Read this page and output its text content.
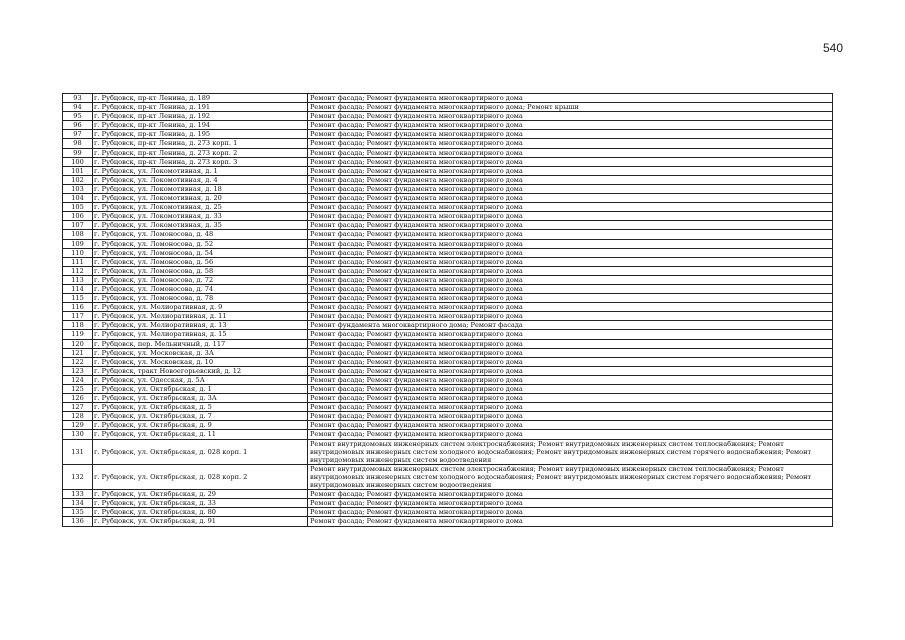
540
93	г. Рубцовск, пр-кт Ленина, д. 189	Ремонт фасада; Ремонт фундамента многоквартирного дома
94	г. Рубцовск, пр-кт Ленина, д. 191	Ремонт фасада; Ремонт фундамента многоквартирного дома; Ремонт крыши
95	г. Рубцовск, пр-кт Ленина, д. 192	Ремонт фасада; Ремонт фундамента многоквартирного дома
96	г. Рубцовск, пр-кт Ленина, д. 194	Ремонт фасада; Ремонт фундамента многоквартирного дома
97	г. Рубцовск, пр-кт Ленина, д. 195	Ремонт фасада; Ремонт фундамента многоквартирного дома
98	г. Рубцовск, пр-кт Ленина, д. 273 корп. 1	Ремонт фасада; Ремонт фундамента многоквартирного дома
99	г. Рубцовск, пр-кт Ленина, д. 273 корп. 2	Ремонт фасада; Ремонт фундамента многоквартирного дома
100	г. Рубцовск, пр-кт Ленина, д. 273 корп. 3	Ремонт фасада; Ремонт фундамента многоквартирного дома
101	г. Рубцовск, ул. Локомотивная, д. 1	Ремонт фасада; Ремонт фундамента многоквартирного дома
102	г. Рубцовск, ул. Локомотивная, д. 4	Ремонт фасада; Ремонт фундамента многоквартирного дома
103	г. Рубцовск, ул. Локомотивная, д. 18	Ремонт фасада; Ремонт фундамента многоквартирного дома
104	г. Рубцовск, ул. Локомотивная, д. 20	Ремонт фасада; Ремонт фундамента многоквартирного дома
105	г. Рубцовск, ул. Локомотивная, д. 25	Ремонт фасада; Ремонт фундамента многоквартирного дома
106	г. Рубцовск, ул. Локомотивная, д. 33	Ремонт фасада; Ремонт фундамента многоквартирного дома
107	г. Рубцовск, ул. Локомотивная, д. 35	Ремонт фасада; Ремонт фундамента многоквартирного дома
108	г. Рубцовск, ул. Ломоносова, д. 48	Ремонт фасада; Ремонт фундамента многоквартирного дома
109	г. Рубцовск, ул. Ломоносова, д. 52	Ремонт фасада; Ремонт фундамента многоквартирного дома
110	г. Рубцовск, ул. Ломоносова, д. 54	Ремонт фасада; Ремонт фундамента многоквартирного дома
111	г. Рубцовск, ул. Ломоносова, д. 56	Ремонт фасада; Ремонт фундамента многоквартирного дома
112	г. Рубцовск, ул. Ломоносова, д. 58	Ремонт фасада; Ремонт фундамента многоквартирного дома
113	г. Рубцовск, ул. Ломоносова, д. 72	Ремонт фасада; Ремонт фундамента многоквартирного дома
114	г. Рубцовск, ул. Ломоносова, д. 74	Ремонт фасада; Ремонт фундамента многоквартирного дома
115	г. Рубцовск, ул. Ломоносова, д. 78	Ремонт фасада; Ремонт фундамента многоквартирного дома
116	г. Рубцовск, ул. Мелиоративная, д. 9	Ремонт фасада; Ремонт фундамента многоквартирного дома
117	г. Рубцовск, ул. Мелиоративная, д. 11	Ремонт фасада; Ремонт фундамента многоквартирного дома
118	г. Рубцовск, ул. Мелиоративная, д. 13	Ремонт фундамента многоквартирного дома; Ремонт фасада
119	г. Рубцовск, ул. Мелиоративная, д. 15	Ремонт фасада; Ремонт фундамента многоквартирного дома
120	г. Рубцовск, пер. Мельничный, д. 117	Ремонт фасада; Ремонт фундамента многоквартирного дома
121	г. Рубцовск, ул. Московская, д. 3А	Ремонт фасада; Ремонт фундамента многоквартирного дома
122	г. Рубцовск, ул. Московская, д. 10	Ремонт фасада; Ремонт фундамента многоквартирного дома
123	г. Рубцовск, тракт Новоегорьевский, д. 12	Ремонт фасада; Ремонт фундамента многоквартирного дома
124	г. Рубцовск, ул. Одесская, д. 5А	Ремонт фасада; Ремонт фундамента многоквартирного дома
125	г. Рубцовск, ул. Октябрьская, д. 1	Ремонт фасада; Ремонт фундамента многоквартирного дома
126	г. Рубцовск, ул. Октябрьская, д. 3А	Ремонт фасада; Ремонт фундамента многоквартирного дома
127	г. Рубцовск, ул. Октябрьская, д. 5	Ремонт фасада; Ремонт фундамента многоквартирного дома
128	г. Рубцовск, ул. Октябрьская, д. 7	Ремонт фасада; Ремонт фундамента многоквартирного дома
129	г. Рубцовск, ул. Октябрьская, д. 9	Ремонт фасада; Ремонт фундамента многоквартирного дома
130	г. Рубцовск, ул. Октябрьская, д. 11	Ремонт фасада; Ремонт фундамента многоквартирного дома
131	г. Рубцовск, ул. Октябрьская, д. 028 корп. 1	Ремонт внутридомовых инженерных систем электроснабжения; Ремонт внутридомовых инженерных систем теплоснабжения; Ремонт внутридомовых инженерных систем холодного водоснабжения; Ремонт внутридомовых инженерных систем горячего водоснабжения; Ремонт внутридомовых инженерных систем водоотведения
132	г. Рубцовск, ул. Октябрьская, д. 028 корп. 2	Ремонт внутридомовых инженерных систем электроснабжения; Ремонт внутридомовых инженерных систем теплоснабжения; Ремонт внутридомовых инженерных систем холодного водоснабжения; Ремонт внутридомовых инженерных систем горячего водоснабжения; Ремонт внутридомовых инженерных систем водоотведения
133	г. Рубцовск, ул. Октябрьская, д. 29	Ремонт фасада; Ремонт фундамента многоквартирного дома
134	г. Рубцовск, ул. Октябрьская, д. 33	Ремонт фасада; Ремонт фундамента многоквартирного дома
135	г. Рубцовск, ул. Октябрьская, д. 80	Ремонт фасада; Ремонт фундамента многоквартирного дома
136	г. Рубцовск, ул. Октябрьская, д. 91	Ремонт фасада; Ремонт фундамента многоквартирного дома
